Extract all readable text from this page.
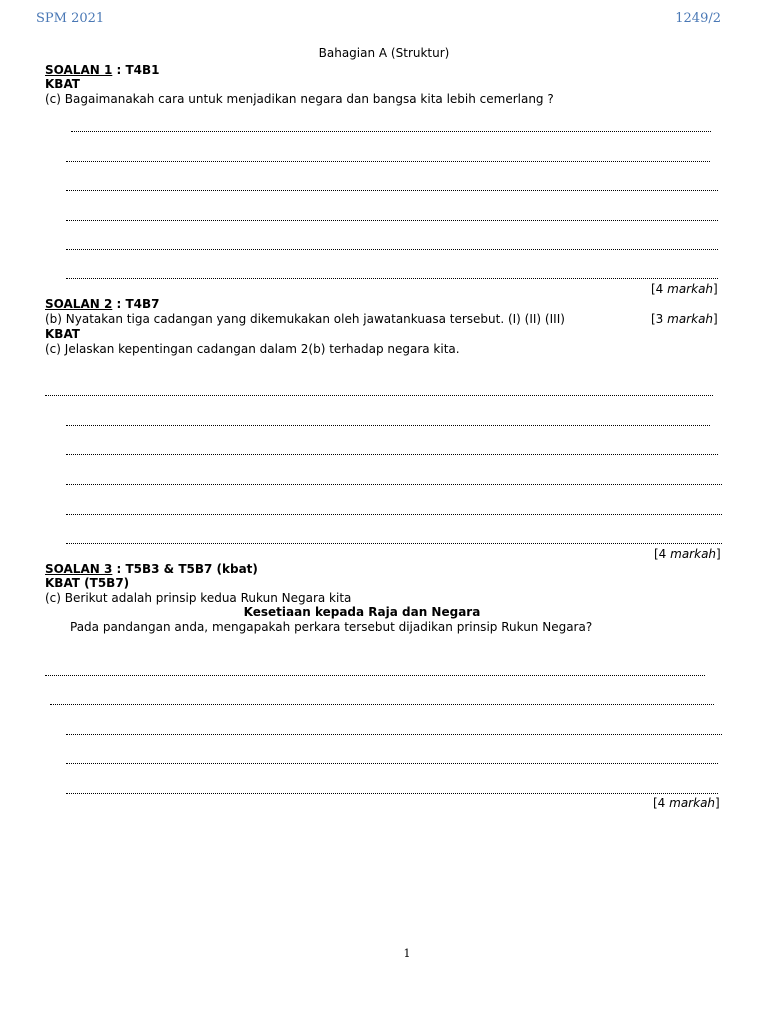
SPM 2021	1249/2
Bahagian A (Struktur)
SOALAN 1 : T4B1
KBAT
(c) Bagaimanakah cara untuk menjadikan negara dan bangsa kita lebih cemerlang ?
[4 markah]
SOALAN 2 : T4B7
(b) Nyatakan tiga cadangan yang dikemukakan oleh jawatankuasa tersebut. (I) (II) (III)	[3 markah]
KBAT
(c) Jelaskan kepentingan cadangan dalam 2(b) terhadap negara kita.
[4 markah]
SOALAN 3 : T5B3 & T5B7 (kbat)
KBAT (T5B7)
(c) Berikut adalah prinsip kedua Rukun Negara kita
Kesetiaan kepada Raja dan Negara
Pada pandangan anda, mengapakah perkara tersebut dijadikan prinsip Rukun Negara?
[4 markah]
1
